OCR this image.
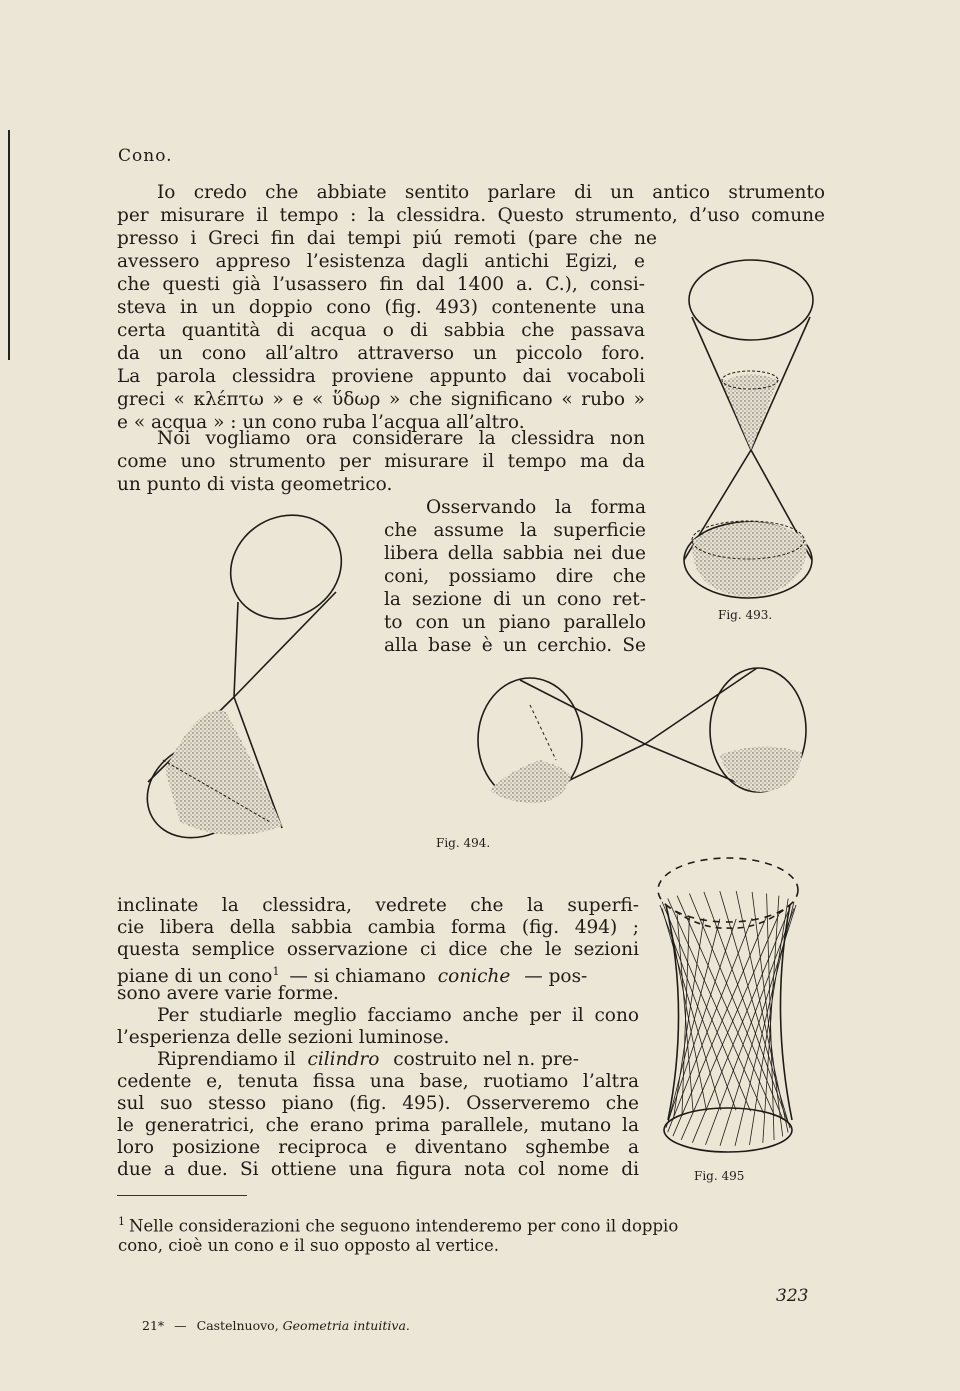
Cono.
Io credo che abbiate sentito parlare di un antico strumento
per misurare il tempo : la clessidra. Questo strumento, d’uso comune
presso i Greci fin dai tempi piú remoti (pare che ne
avessero appreso l’esistenza dagli antichi Egizi, e
che questi già l’usassero fin dal 1400 a. C.), consi-
steva in un doppio cono (fig. 493) contenente una
certa quantità di acqua o di sabbia che passava
da un cono all’altro attraverso un piccolo foro.
La parola clessidra proviene appunto dai vocaboli
greci « κλέπτω » e « ὕδωρ » che significano « rubo »
e « acqua » : un cono ruba l’acqua all’altro.
Noi vogliamo ora considerare la clessidra non
come uno strumento per misurare il tempo ma da
un punto di vista geometrico.
Osservando la forma
che assume la superficie
libera della sabbia nei due
coni, possiamo dire che
la sezione di un cono ret-
to con un piano parallelo
alla base è un cerchio. Se
inclinate la clessidra, vedrete che la superfi-
cie libera della sabbia cambia forma (fig. 494) ;
questa semplice osservazione ci dice che le sezioni
piane di un cono$^1$ — si chiamano coniche — pos-
sono avere varie forme.
Per studiarle meglio facciamo anche per il cono
l’esperienza delle sezioni luminose.
Riprendiamo il cilindro costruito nel n. pre-
cedente e, tenuta fissa una base, ruotiamo l’altra
sul suo stesso piano (fig. 495). Osserveremo che
le generatrici, che erano prima parallele, mutano la
loro posizione reciproca e diventano sghembe a
due a due. Si ottiene una figura nota col nome di
$^1$ Nelle considerazioni che seguono intenderemo per cono il doppio
cono, cioè un cono e il suo opposto al vertice.
Fig. 493.
Fig. 494.
Fig. 495
323
21* — Castelnuovo, Geometria intuitiva.
